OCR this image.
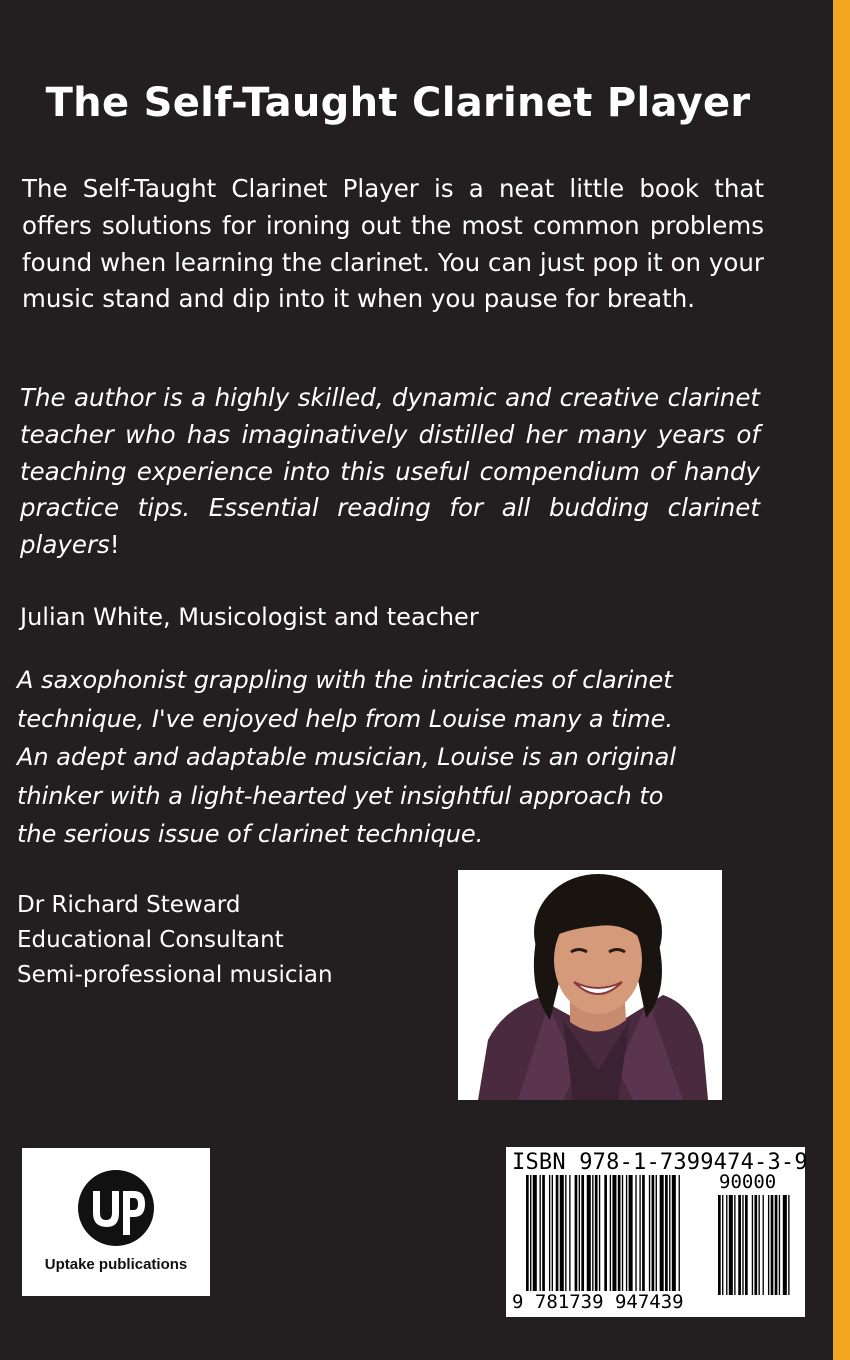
The Self-Taught Clarinet Player
The Self-Taught Clarinet Player is a neat little book that offers solutions for ironing out the most common problems found when learning the clarinet. You can just pop it on your music stand and dip into it when you pause for breath.
The author is a highly skilled, dynamic and creative clarinet teacher who has imaginatively distilled her many years of teaching experience into this useful compendium of handy practice tips. Essential reading for all budding clarinet players!
Julian White, Musicologist and teacher
A saxophonist grappling with the intricacies of clarinet
technique, I've enjoyed help from Louise many a time.
An adept and adaptable musician, Louise is an original
thinker with a light-hearted yet insightful approach to
the serious issue of clarinet technique.
Dr Richard Steward
Educational Consultant
Semi-professional musician
Uptake publications
ISBN 978-1-7399474-3-9
90000
9 781739 947439
